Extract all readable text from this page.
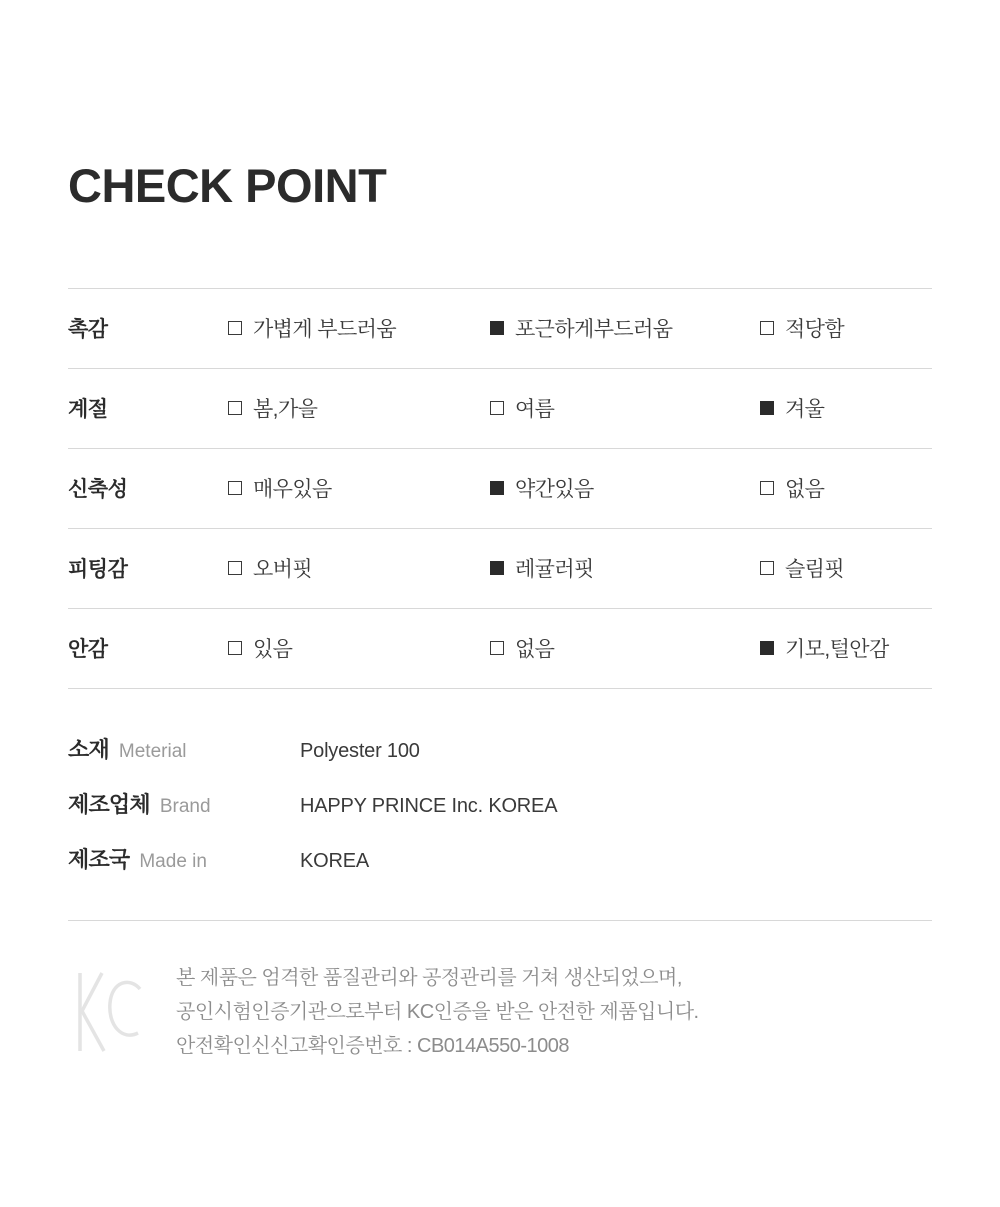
CHECK POINT
촉감	가볍게 부드러움	포근하게부드러움	적당함
계절	봄,가을	여름	겨울
신축성	매우있음	약간있음	없음
피팅감	오버핏	레귤러핏	슬림핏
안감	있음	없음	기모,털안감
소재 Meterial	Polyester 100
제조업체 Brand	HAPPY PRINCE Inc. KOREA
제조국 Made in	KOREA
본 제품은 엄격한 품질관리와 공정관리를 거쳐 생산되었으며,
공인시험인증기관으로부터 KC인증을 받은 안전한 제품입니다.
안전확인신신고확인증번호 : CB014A550-1008
